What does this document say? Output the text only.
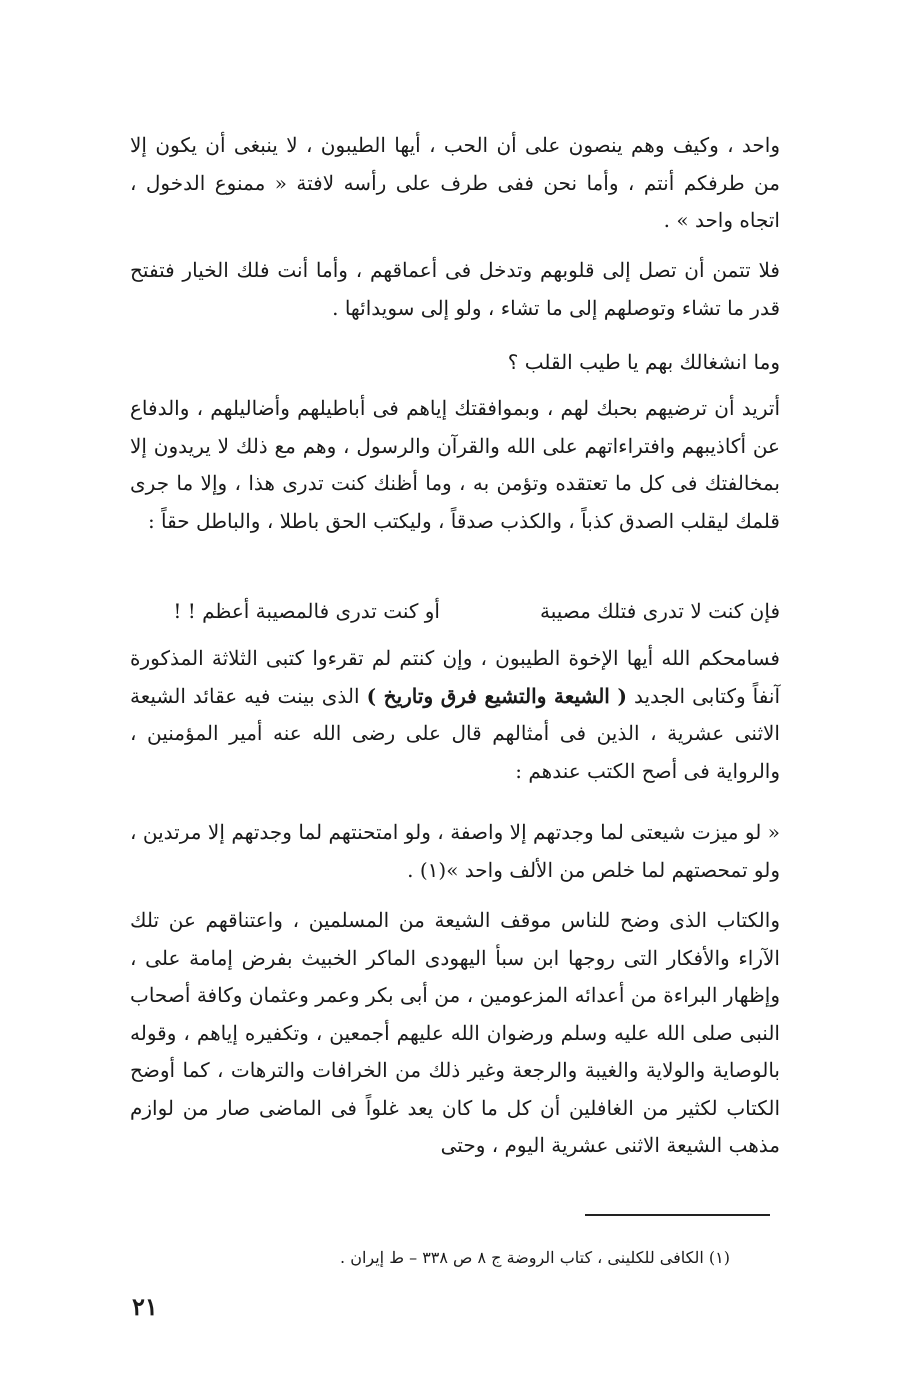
واحد ، وكيف وهم ينصون على أن الحب ، أيها الطيبون ، لا ينبغى أن يكون إلا من طرفكم أنتم ، وأما نحن ففى طرف على رأسه لافتة « ممنوع الدخول ، اتجاه واحد » .

فلا تتمن أن تصل إلى قلوبهم وتدخل فى أعماقهم ، وأما أنت فلك الخيار فتفتح قدر ما تشاء وتوصلهم إلى ما تشاء ، ولو إلى سويدائها .

وما انشغالك بهم يا طيب القلب ؟

أتريد أن ترضيهم بحبك لهم ، وبموافقتك إياهم فى أباطيلهم وأضاليلهم ، والدفاع عن أكاذيبهم وافتراءاتهم على الله والقرآن والرسول ، وهم مع ذلك لا يريدون إلا بمخالفتك فى كل ما تعتقده وتؤمن به ، وما أظنك كنت تدرى هذا ، وإلا ما جرى قلمك ليقلب الصدق كذباً ، والكذب صدقاً ، وليكتب الحق باطلا ، والباطل حقاً :

فإن كنت لا تدرى فتلك مصيبةأو كنت تدرى فالمصيبة أعظم ! !

فسامحكم الله أيها الإخوة الطيبون ، وإن كنتم لم تقرءوا كتبى الثلاثة المذكورة آنفاً وكتابى الجديد ( الشيعة والتشيع فرق وتاريخ ) الذى بينت فيه عقائد الشيعة الاثنى عشرية ، الذين فى أمثالهم قال على رضى الله عنه أمير المؤمنين ، والرواية فى أصح الكتب عندهم :

« لو ميزت شيعتى لما وجدتهم إلا واصفة ، ولو امتحنتهم لما وجدتهم إلا مرتدين ، ولو تمحصتهم لما خلص من الألف واحد »(١) .

والكتاب الذى وضح للناس موقف الشيعة من المسلمين ، واعتناقهم عن تلك الآراء والأفكار التى روجها ابن سبأ اليهودى الماكر الخبيث بفرض إمامة على ، وإظهار البراءة من أعدائه المزعومين ، من أبى بكر وعمر وعثمان وكافة أصحاب النبى صلى الله عليه وسلم ورضوان الله عليهم أجمعين ، وتكفيره إياهم ، وقوله بالوصاية والولاية والغيبة والرجعة وغير ذلك من الخرافات والترهات ، كما أوضح الكتاب لكثير من الغافلين أن كل ما كان يعد غلواً فى الماضى صار من لوازم مذهب الشيعة الاثنى عشرية اليوم ، وحتى

(١) الكافى للكلينى ، كتاب الروضة ج ٨ ص ٣٣٨ – ط إيران .
٢١
